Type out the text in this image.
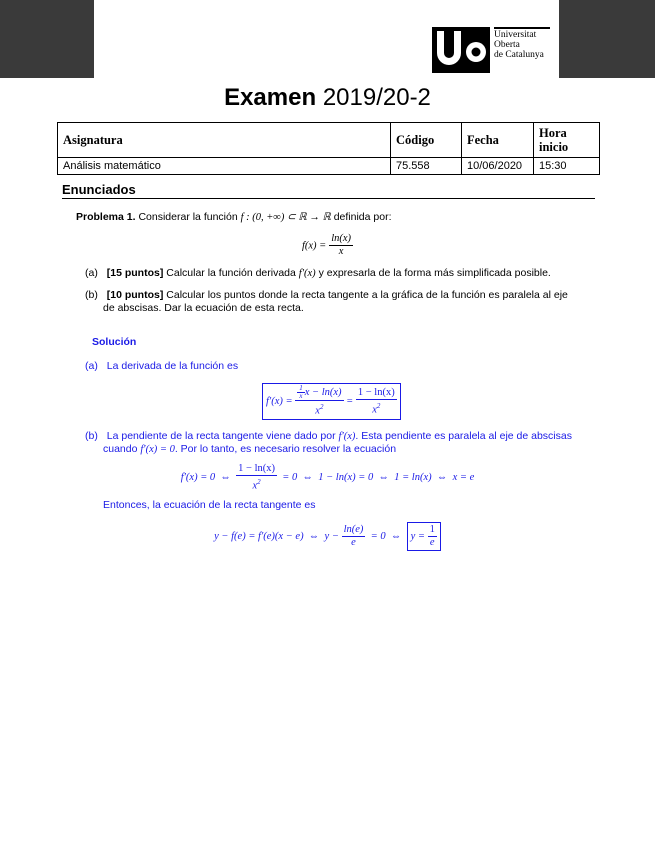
Universitat
Oberta
de Catalunya
Examen 2019/20-2
Asignatura	Código	Fecha	Hora inicio
Análisis matemático	75.558	10/06/2020	15:30
Enunciados
Problema 1. Considerar la función f : (0, +∞) ⊂ ℝ → ℝ definida por:
$f(x) = \frac{\ln(x)}{x}$
(a) [15 puntos] Calcular la función derivada f′(x) y expresarla de la forma más simplificada posible.
(b) [10 puntos] Calcular los puntos donde la recta tangente a la gráfica de la función es paralela al eje
de abscisas. Dar la ecuación de esta recta.
Solución
(a) La derivada de la función es
$f'(x) = \frac{\frac{1}{x} x - \ln(x)}{x^2} = \frac{1 - \ln(x)}{x^2}$
(b) La pendiente de la recta tangente viene dado por f′(x). Esta pendiente es paralela al eje de abscisas
cuando f′(x) = 0. Por lo tanto, es necesario resolver la ecuación
f′(x) = 0  ⇔ $\frac{1 - \ln(x)}{x^2} = 0$  ⇔  1 − ln(x) = 0  ⇔  1 = ln(x)  ⇔  x = e
Entonces, la ecuación de la recta tangente es
y − f(e) = f′(e)(x − e)  ⇔  $y - \frac{\ln(e)}{e} = 0$  ⇔  $y = \frac{1}{e}$
